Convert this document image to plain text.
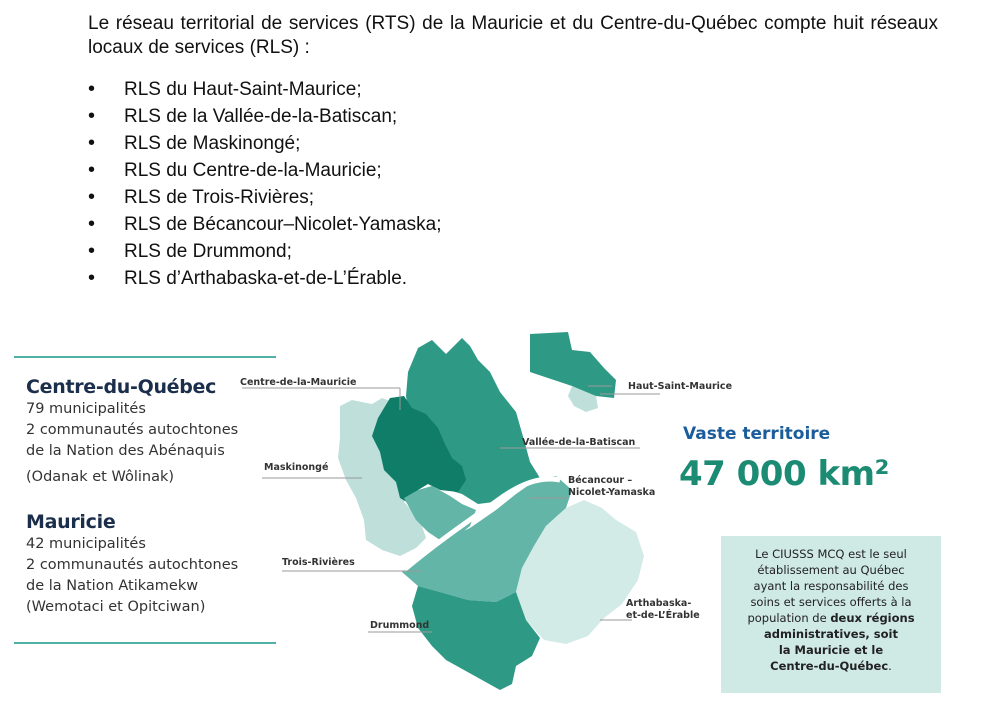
Le réseau territorial de services (RTS) de la Mauricie et du Centre-du-Québec compte huit réseaux locaux de services (RLS) :
• RLS du Haut-Saint-Maurice;
• RLS de la Vallée-de-la-Batiscan;
• RLS de Maskinongé;
• RLS du Centre-de-la-Mauricie;
• RLS de Trois-Rivières;
• RLS de Bécancour–Nicolet-Yamaska;
• RLS de Drummond;
• RLS d’Arthabaska-et-de-L’Érable.
Centre-du-Québec
79 municipalités
2 communautés autochtones
de la Nation des Abénaquis
(Odanak et Wôlinak)
Mauricie
42 municipalités
2 communautés autochtones
de la Nation Atikamekw
(Wemotaci et Opitciwan)
Centre-de-la-Mauricie	Haut-Saint-Maurice
Maskinongé
Vallée-de-la-Batiscan
Bécancour –
Nicolet-Yamaska
Trois-Rivières
Arthabaska-
et-de-L’Érable
Drummond
Vaste territoire
47 000 km²
Le CIUSSS MCQ est le seul
établissement au Québec
ayant la responsabilité des
soins et services offerts à la
population de deux régions
administratives, soit
la Mauricie et le
Centre-du-Québec.
